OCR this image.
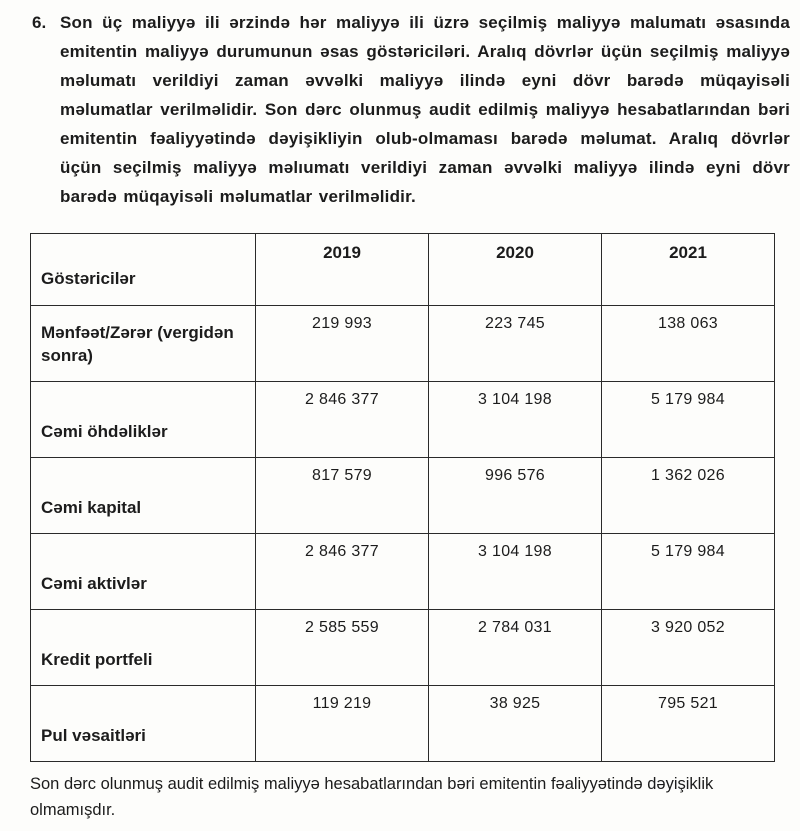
6. Son üç maliyyə ili ərzində hər maliyyə ili üzrə seçilmiş maliyyə malumatı əsasında emitentin maliyyə durumunun əsas göstəriciləri. Aralıq dövrlər üçün seçilmiş maliyyə məlumatı verildiyi zaman əvvəlki maliyyə ilində eyni dövr barədə müqayisəli məlumatlar verilməlidir. Son dərc olunmuş audit edilmiş maliyyə hesabatlarından bəri emitentin fəaliyyətində dəyişikliyin olub-olmaması barədə məlumat. Aralıq dövrlər üçün seçilmiş maliyyə məlıumatı verildiyi zaman əvvəlki maliyyə ilində eyni dövr barədə müqayisəli məlumatlar verilməlidir.
Göstəricilər	2019	2020	2021
Mənfəət/Zərər (vergidən sonra)	219 993	223 745	138 063
Cəmi öhdəliklər	2 846 377	3 104 198	5 179 984
Cəmi kapital	817 579	996 576	1 362 026
Cəmi aktivlər	2 846 377	3 104 198	5 179 984
Kredit portfeli	2 585 559	2 784 031	3 920 052
Pul vəsaitləri	119 219	38 925	795 521

Son dərc olunmuş audit edilmiş maliyyə hesabatlarından bəri emitentin fəaliyyətində dəyişiklik olmamışdır.
